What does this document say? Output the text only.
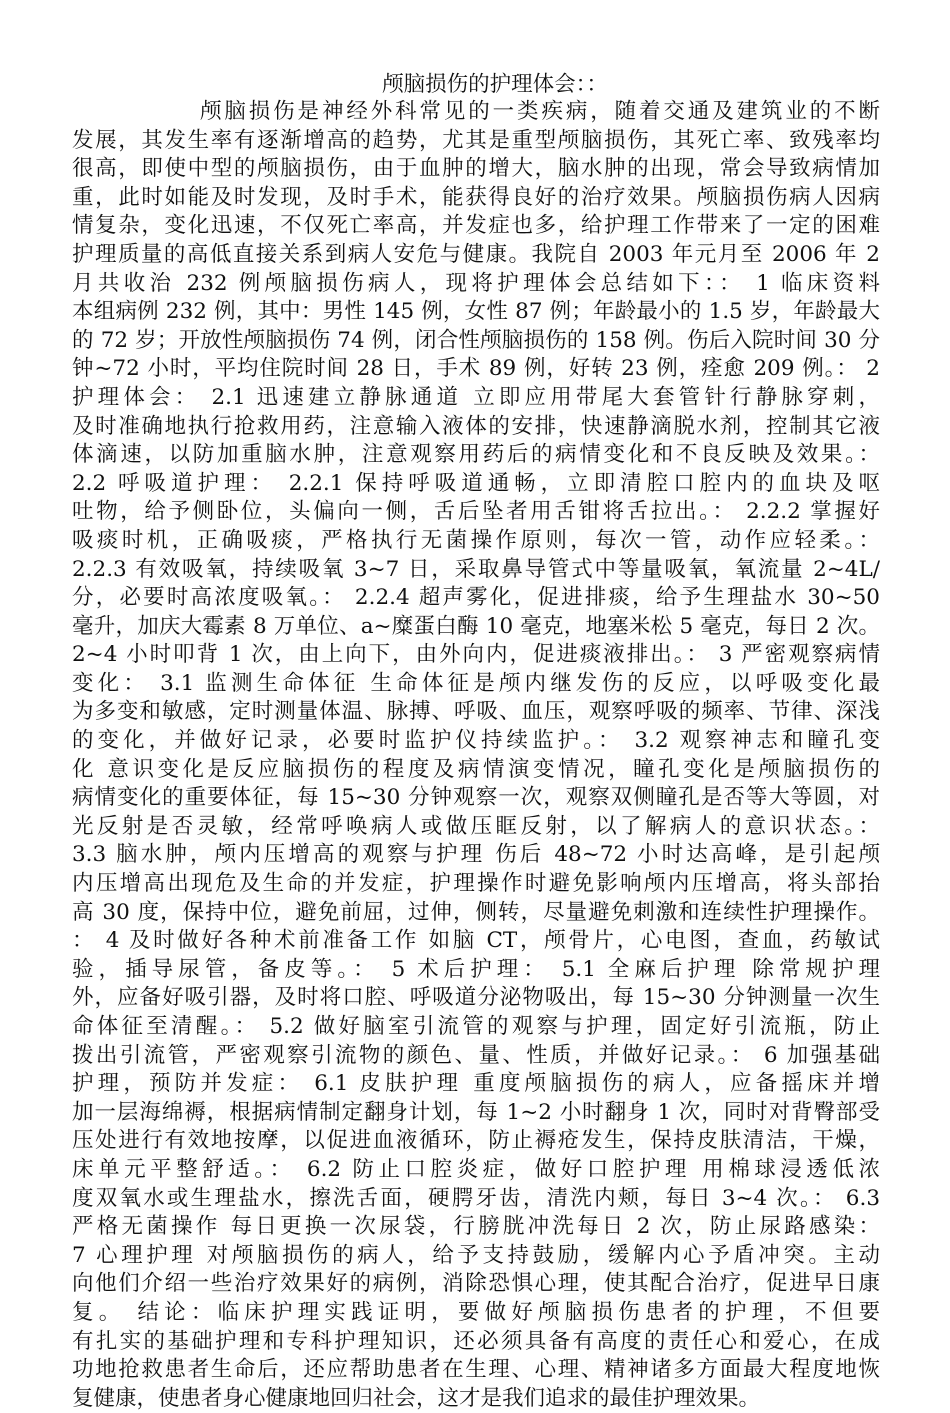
颅脑损伤的护理体会：：
颅脑损伤是神经外科常见的一类疾病，随着交通及建筑业的不断
发展，其发生率有逐渐增高的趋势，尤其是重型颅脑损伤，其死亡率、致残率均
很高，即使中型的颅脑损伤，由于血肿的增大，脑水肿的出现，常会导致病情加
重，此时如能及时发现，及时手术，能获得良好的治疗效果。颅脑损伤病人因病
情复杂，变化迅速，不仅死亡率高，并发症也多，给护理工作带来了一定的困难
护理质量的高低直接关系到病人安危与健康。我院自 2003 年元月至 2006 年 2
月共收治 232 例颅脑损伤病人，现将护理体会总结如下：： 1 临床资料
本组病例 232 例，其中：男性 145 例，女性 87 例；年龄最小的 1.5 岁，年龄最大
的 72 岁；开放性颅脑损伤 74 例，闭合性颅脑损伤的 158 例。伤后入院时间 30 分
钟~72 小时，平均住院时间 28 日，手术 89 例，好转 23 例，痊愈 209 例。： 2
护理体会： 2.1 迅速建立静脉通道 立即应用带尾大套管针行静脉穿刺，
及时准确地执行抢救用药，注意输入液体的安排，快速静滴脱水剂，控制其它液
体滴速，以防加重脑水肿，注意观察用药后的病情变化和不良反映及效果。：
2.2 呼吸道护理： 2.2.1 保持呼吸道通畅，立即清腔口腔内的血块及呕
吐物，给予侧卧位，头偏向一侧，舌后坠者用舌钳将舌拉出。： 2.2.2 掌握好
吸痰时机，正确吸痰，严格执行无菌操作原则，每次一管，动作应轻柔。：
2.2.3 有效吸氧，持续吸氧 3~7 日，采取鼻导管式中等量吸氧，氧流量 2~4L/
分，必要时高浓度吸氧。： 2.2.4 超声雾化，促进排痰，给予生理盐水 30~50
毫升，加庆大霉素 8 万单位、a~糜蛋白酶 10 毫克，地塞米松 5 毫克，每日 2 次。
2~4 小时叩背 1 次，由上向下，由外向内，促进痰液排出。： 3 严密观察病情
变化： 3.1 监测生命体征 生命体征是颅内继发伤的反应，以呼吸变化最
为多变和敏感，定时测量体温、脉搏、呼吸、血压，观察呼吸的频率、节律、深浅
的变化，并做好记录，必要时监护仪持续监护。： 3.2 观察神志和瞳孔变
化 意识变化是反应脑损伤的程度及病情演变情况，瞳孔变化是颅脑损伤的
病情变化的重要体征，每 15~30 分钟观察一次，观察双侧瞳孔是否等大等圆，对
光反射是否灵敏，经常呼唤病人或做压眶反射，以了解病人的意识状态。：
3.3 脑水肿，颅内压增高的观察与护理 伤后 48~72 小时达高峰，是引起颅
内压增高出现危及生命的并发症，护理操作时避免影响颅内压增高，将头部抬
高 30 度，保持中位，避免前屈，过伸，侧转，尽量避免刺激和连续性护理操作。
： 4 及时做好各种术前准备工作 如脑 CT，颅骨片，心电图，查血，药敏试
验，插导尿管，备皮等。： 5 术后护理： 5.1 全麻后护理 除常规护理
外，应备好吸引器，及时将口腔、呼吸道分泌物吸出，每 15~30 分钟测量一次生
命体征至清醒。： 5.2 做好脑室引流管的观察与护理，固定好引流瓶，防止
拨出引流管，严密观察引流物的颜色、量、性质，并做好记录。： 6 加强基础
护理，预防并发症： 6.1 皮肤护理 重度颅脑损伤的病人，应备摇床并增
加一层海绵褥，根据病情制定翻身计划，每 1~2 小时翻身 1 次，同时对背臀部受
压处进行有效地按摩，以促进血液循环，防止褥疮发生，保持皮肤清洁，干燥，
床单元平整舒适。： 6.2 防止口腔炎症，做好口腔护理 用棉球浸透低浓
度双氧水或生理盐水，擦洗舌面，硬腭牙齿，清洗内颊，每日 3~4 次。： 6.3
严格无菌操作 每日更换一次尿袋，行膀胱冲洗每日 2 次，防止尿路感染：
7 心理护理 对颅脑损伤的病人，给予支持鼓励，缓解内心予盾冲突。主动
向他们介绍一些治疗效果好的病例，消除恐惧心理，使其配合治疗，促进早日康
复。 结论：临床护理实践证明，要做好颅脑损伤患者的护理，不但要
有扎实的基础护理和专科护理知识，还必须具备有高度的责任心和爱心，在成
功地抢救患者生命后，还应帮助患者在生理、心理、精神诸多方面最大程度地恢
复健康，使患者身心健康地回归社会，这才是我们追求的最佳护理效果。
